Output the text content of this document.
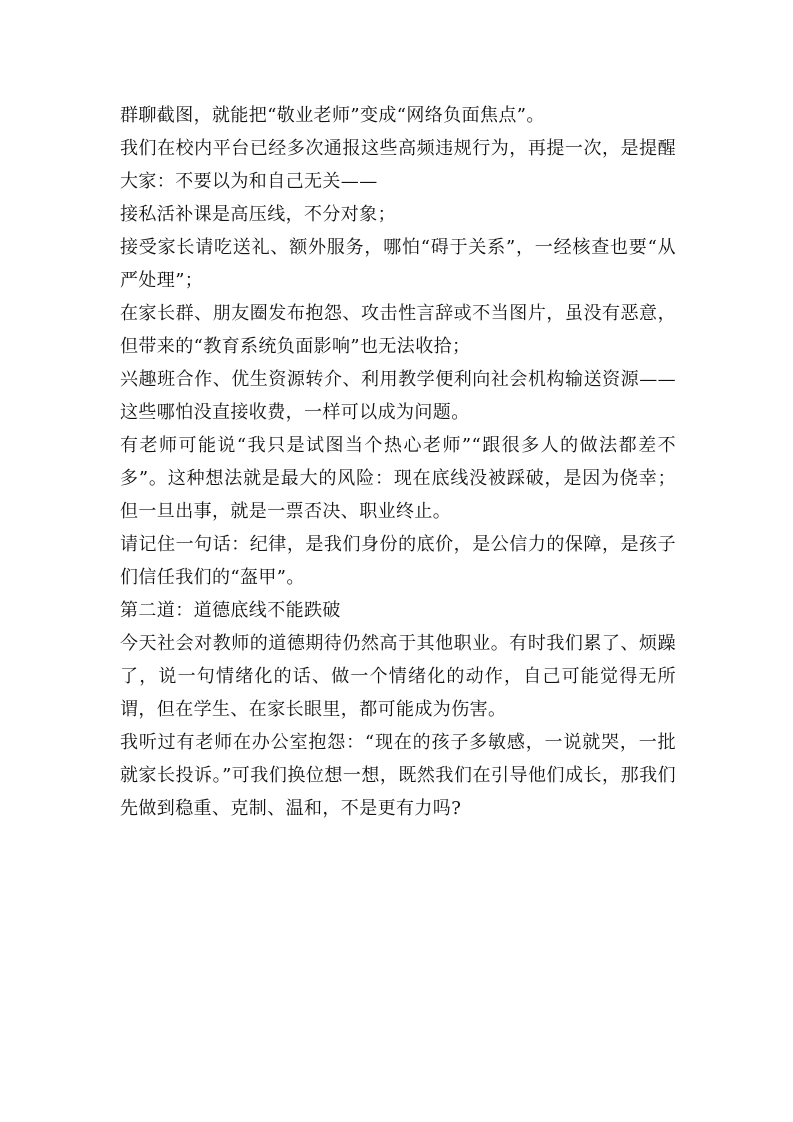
群聊截图，就能把“敬业老师”变成“网络负面焦点”。

我们在校内平台已经多次通报这些高频违规行为，再提一次，是提醒大家：不要以为和自己无关——

接私活补课是高压线，不分对象；

接受家长请吃送礼、额外服务，哪怕“碍于关系”，一经核查也要“从严处理”；

在家长群、朋友圈发布抱怨、攻击性言辞或不当图片，虽没有恶意，但带来的“教育系统负面影响”也无法收拾；

兴趣班合作、优生资源转介、利用教学便利向社会机构输送资源——这些哪怕没直接收费，一样可以成为问题。

有老师可能说“我只是试图当个热心老师”“跟很多人的做法都差不多”。这种想法就是最大的风险：现在底线没被踩破，是因为侥幸；但一旦出事，就是一票否决、职业终止。

请记住一句话：纪律，是我们身份的底价，是公信力的保障，是孩子们信任我们的“盔甲”。

第二道：道德底线不能跌破

今天社会对教师的道德期待仍然高于其他职业。有时我们累了、烦躁了，说一句情绪化的话、做一个情绪化的动作，自己可能觉得无所谓，但在学生、在家长眼里，都可能成为伤害。

我听过有老师在办公室抱怨：“现在的孩子多敏感，一说就哭，一批就家长投诉。”可我们换位想一想，既然我们在引导他们成长，那我们先做到稳重、克制、温和，不是更有力吗?
